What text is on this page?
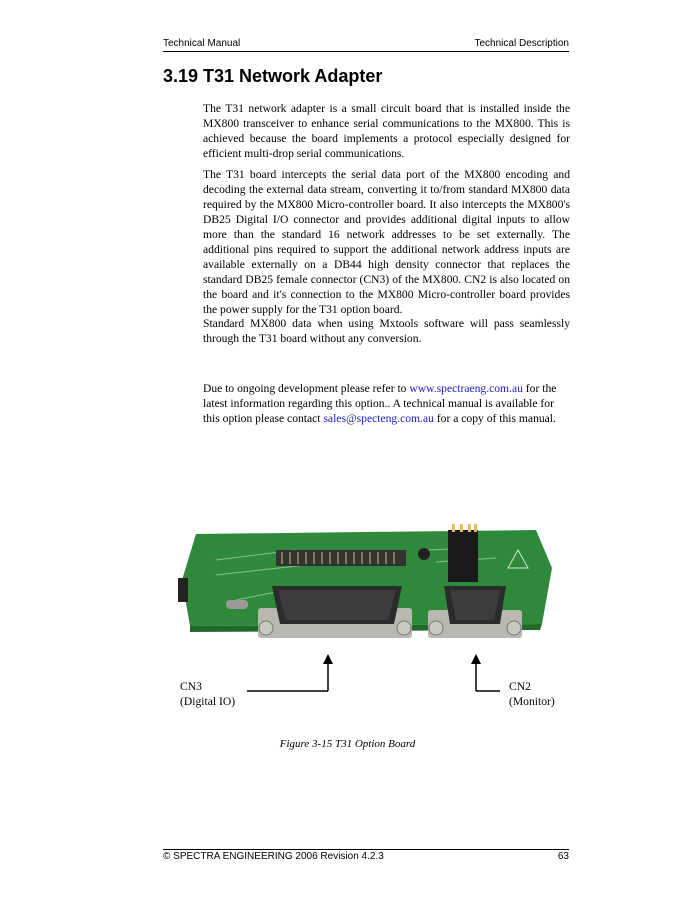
Technical Manual	Technical Description
3.19 T31 Network Adapter

The T31 network adapter is a small circuit board that is installed inside the MX800 transceiver to enhance serial communications to the MX800. This is achieved because the board implements a protocol especially designed for efficient multi-drop serial communications.

The T31 board intercepts the serial data port of the MX800 encoding and decoding the external data stream, converting it to/from standard MX800 data required by the MX800 Micro-controller board. It also intercepts the MX800's DB25 Digital I/O connector and provides additional digital inputs to allow more than the standard 16 network addresses to be set externally. The additional pins required to support the additional network address inputs are available externally on a DB44 high density connector that replaces the standard DB25 female connector (CN3) of the MX800. CN2 is also located on the board and it's connection to the MX800 Micro-controller board provides the power supply for the T31 option board.

Standard MX800 data when using Mxtools software will pass seamlessly through the T31 board without any conversion.

Due to ongoing development please refer to www.spectraeng.com.au for the latest information regarding this option.. A technical manual is available for this option please contact sales@specteng.com.au for a copy of this manual.

CN3
(Digital IO)
CN2
(Monitor)
Figure 3-15 T31 Option Board
© SPECTRA ENGINEERING 2006 Revision 4.2.3	63
